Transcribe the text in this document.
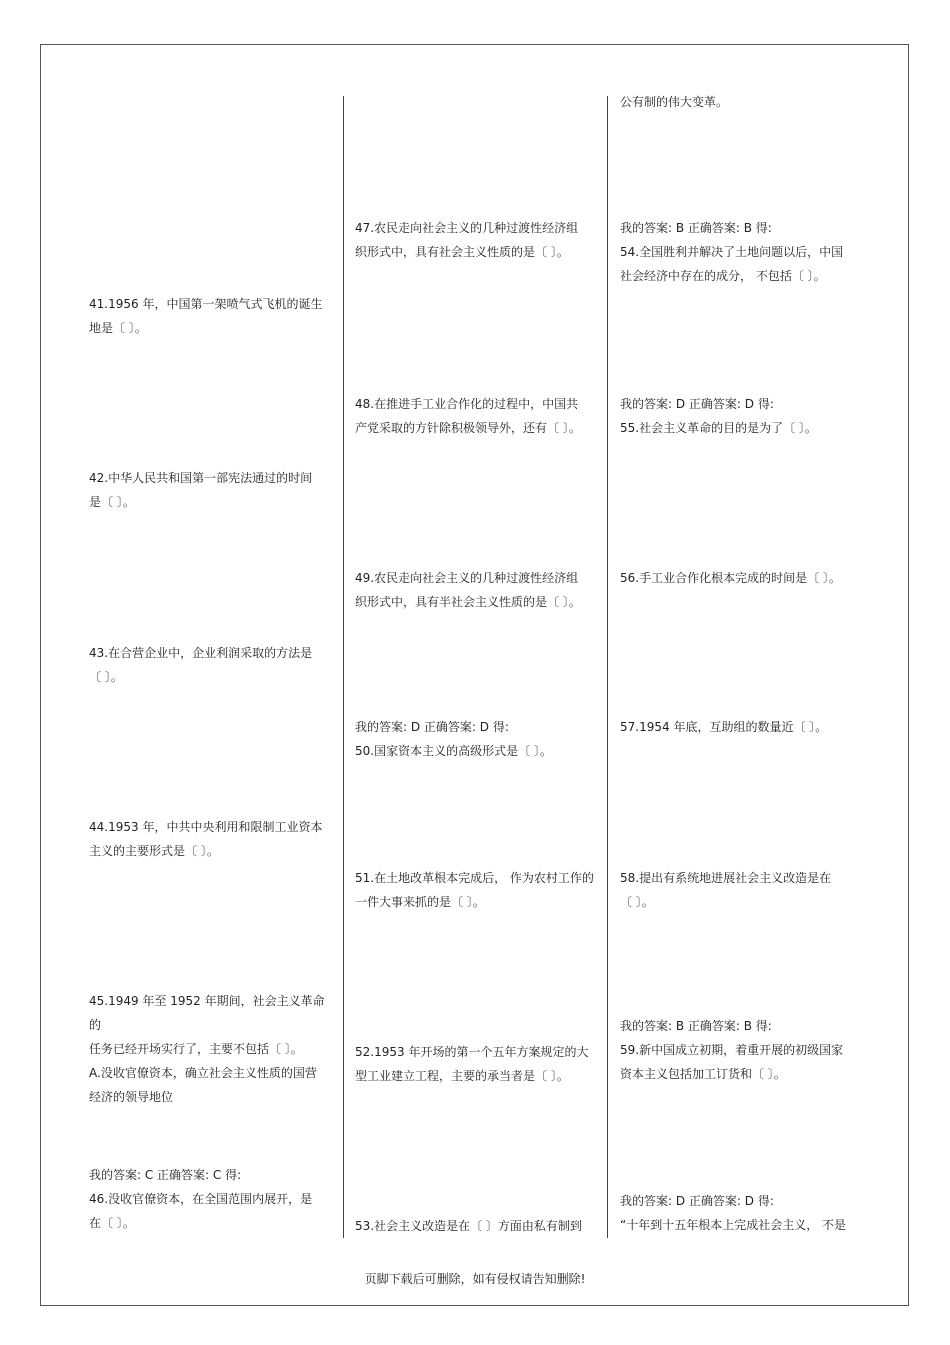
41.1956 年，中国第一架喷气式飞机的诞生
地是〔 〕。
42.中华人民共和国第一部宪法通过的时间
是〔 〕。
43.在合营企业中，企业利润采取的方法是
〔 〕。
44.1953 年，中共中央利用和限制工业资本
主义的主要形式是〔 〕。
45.1949 年至 1952 年期间，社会主义革命的
任务已经开场实行了，主要不包括〔 〕。
A.没收官僚资本，确立社会主义性质的国营
经济的领导地位
我的答案: C 正确答案: C 得:
46.没收官僚资本，在全国范围内展开，是
在〔 〕。
47.农民走向社会主义的几种过渡性经济组
织形式中，具有社会主义性质的是〔 〕。
48.在推进手工业合作化的过程中，中国共
产党采取的方针除积极领导外，还有〔 〕。
49.农民走向社会主义的几种过渡性经济组
织形式中，具有半社会主义性质的是〔 〕。
我的答案: D 正确答案: D 得:
50.国家资本主义的高级形式是〔 〕。
51.在土地改革根本完成后， 作为农村工作的
一件大事来抓的是〔 〕。
52.1953 年开场的第一个五年方案规定的大
型工业建立工程，主要的承当者是〔 〕。
53.社会主义改造是在〔 〕方面由私有制到
公有制的伟大变革。
我的答案: B 正确答案: B 得:
54.全国胜利并解决了土地问题以后，中国
社会经济中存在的成分， 不包括〔 〕。
我的答案: D 正确答案: D 得:
55.社会主义革命的目的是为了〔 〕。
56.手工业合作化根本完成的时间是〔 〕。
57.1954 年底，互助组的数量近〔 〕。
58.提出有系统地进展社会主义改造是在
〔 〕。
我的答案: B 正确答案: B 得:
59.新中国成立初期，着重开展的初级国家
资本主义包括加工订货和〔 〕。
我的答案: D 正确答案: D 得:
“十年到十五年根本上完成社会主义， 不是
页脚下载后可删除，如有侵权请告知删除!
